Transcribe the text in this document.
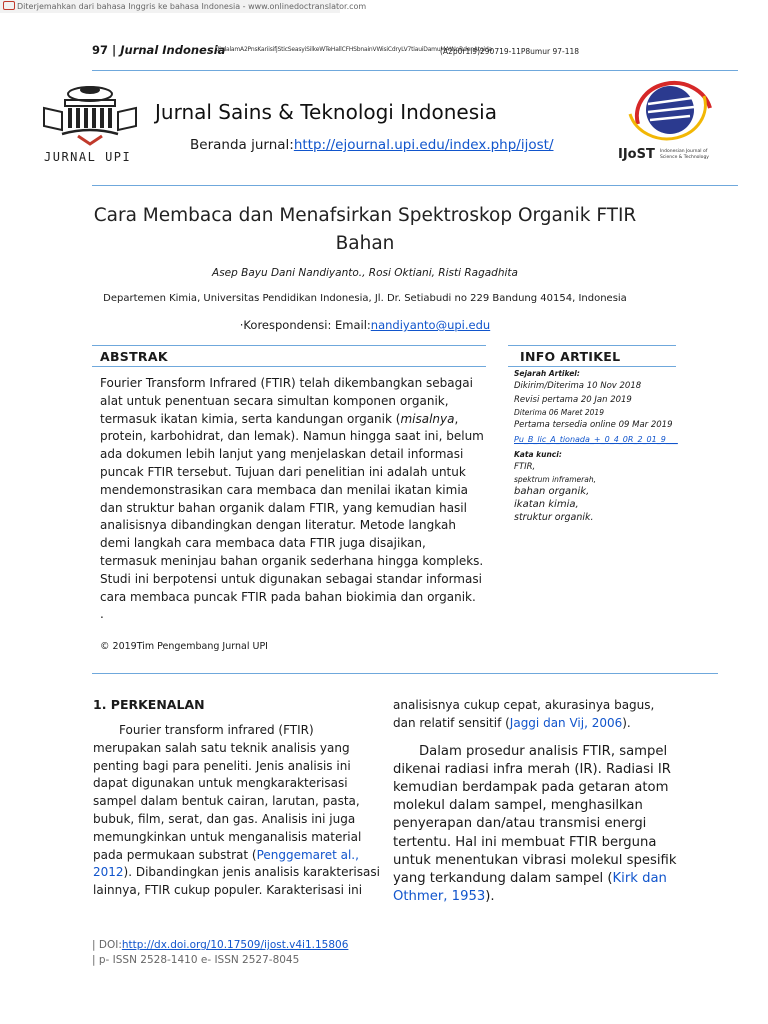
Diterjemahkan dari bahasa Inggris ke bahasa Indonesia - www.onlinedoctranslator.com
97 | Jurnal Indonesia
Ui dalamA2PnsKariisifjSticSeasyiSilkeWTeHallCFHSbnainVWisiCdryLV7tiauiDamuMAtNoRdenAtgirla
(A2p0r1l9)290719-11P8umur 97-118
JURNAL UPI
Jurnal Sains & Teknologi Indonesia
Beranda jurnal:http://ejournal.upi.edu/index.php/ijost/
IJoST Indonesian Journal of
Science & Technology
Cara Membaca dan Menafsirkan Spektroskop Organik FTIR Bahan
Asep Bayu Dani Nandiyanto., Rosi Oktiani, Risti Ragadhita
Departemen Kimia, Universitas Pendidikan Indonesia, Jl. Dr. Setiabudi no 229 Bandung 40154, Indonesia
·Korespondensi: Email:nandiyanto@upi.edu
ABSTRAK	INFO ARTIKEL
Fourier Transform Infrared (FTIR) telah dikembangkan sebagai alat untuk penentuan secara simultan komponen organik, termasuk ikatan kimia, serta kandungan organik (misalnya, protein, karbohidrat, dan lemak). Namun hingga saat ini, belum ada dokumen lebih lanjut yang menjelaskan detail informasi puncak FTIR tersebut. Tujuan dari penelitian ini adalah untuk mendemonstrasikan cara membaca dan menilai ikatan kimia dan struktur bahan organik dalam FTIR, yang kemudian hasil analisisnya dibandingkan dengan literatur. Metode langkah demi langkah cara membaca data FTIR juga disajikan, termasuk meninjau bahan organik sederhana hingga kompleks. Studi ini berpotensi untuk digunakan sebagai standar informasi cara membaca puncak FTIR pada bahan biokimia dan organik.
.
© 2019Tim Pengembang Jurnal UPI
Sejarah Artikel:
Dikirim/Diterima 10 Nov 2018
Revisi pertama 20 Jan 2019
Diterima 06 Maret 2019
Pertama tersedia online 09 Mar 2019
Pu_B_lic_A_tionada_+_0_4_0R_2_01_9___
Kata kunci:
FTIR,
spektrum inframerah,
bahan organik,
ikatan kimia,
struktur organik.
1. PERKENALAN
Fourier transform infrared (FTIR) merupakan salah satu teknik analisis yang penting bagi para peneliti. Jenis analisis ini dapat digunakan untuk mengkarakterisasi sampel dalam bentuk cairan, larutan, pasta, bubuk, film, serat, dan gas. Analisis ini juga memungkinkan untuk menganalisis material pada permukaan substrat (Penggemaret al., 2012). Dibandingkan jenis analisis karakterisasi lainnya, FTIR cukup populer. Karakterisasi ini
analisisnya cukup cepat, akurasinya bagus, dan relatif sensitif (Jaggi dan Vij, 2006).
Dalam prosedur analisis FTIR, sampel dikenai radiasi infra merah (IR). Radiasi IR kemudian berdampak pada getaran atom molekul dalam sampel, menghasilkan penyerapan dan/atau transmisi energi tertentu. Hal ini membuat FTIR berguna untuk menentukan vibrasi molekul spesifik yang terkandung dalam sampel (Kirk dan Othmer, 1953).
| DOI:http://dx.doi.org/10.17509/ijost.v4i1.15806
| p- ISSN 2528-1410 e- ISSN 2527-8045
